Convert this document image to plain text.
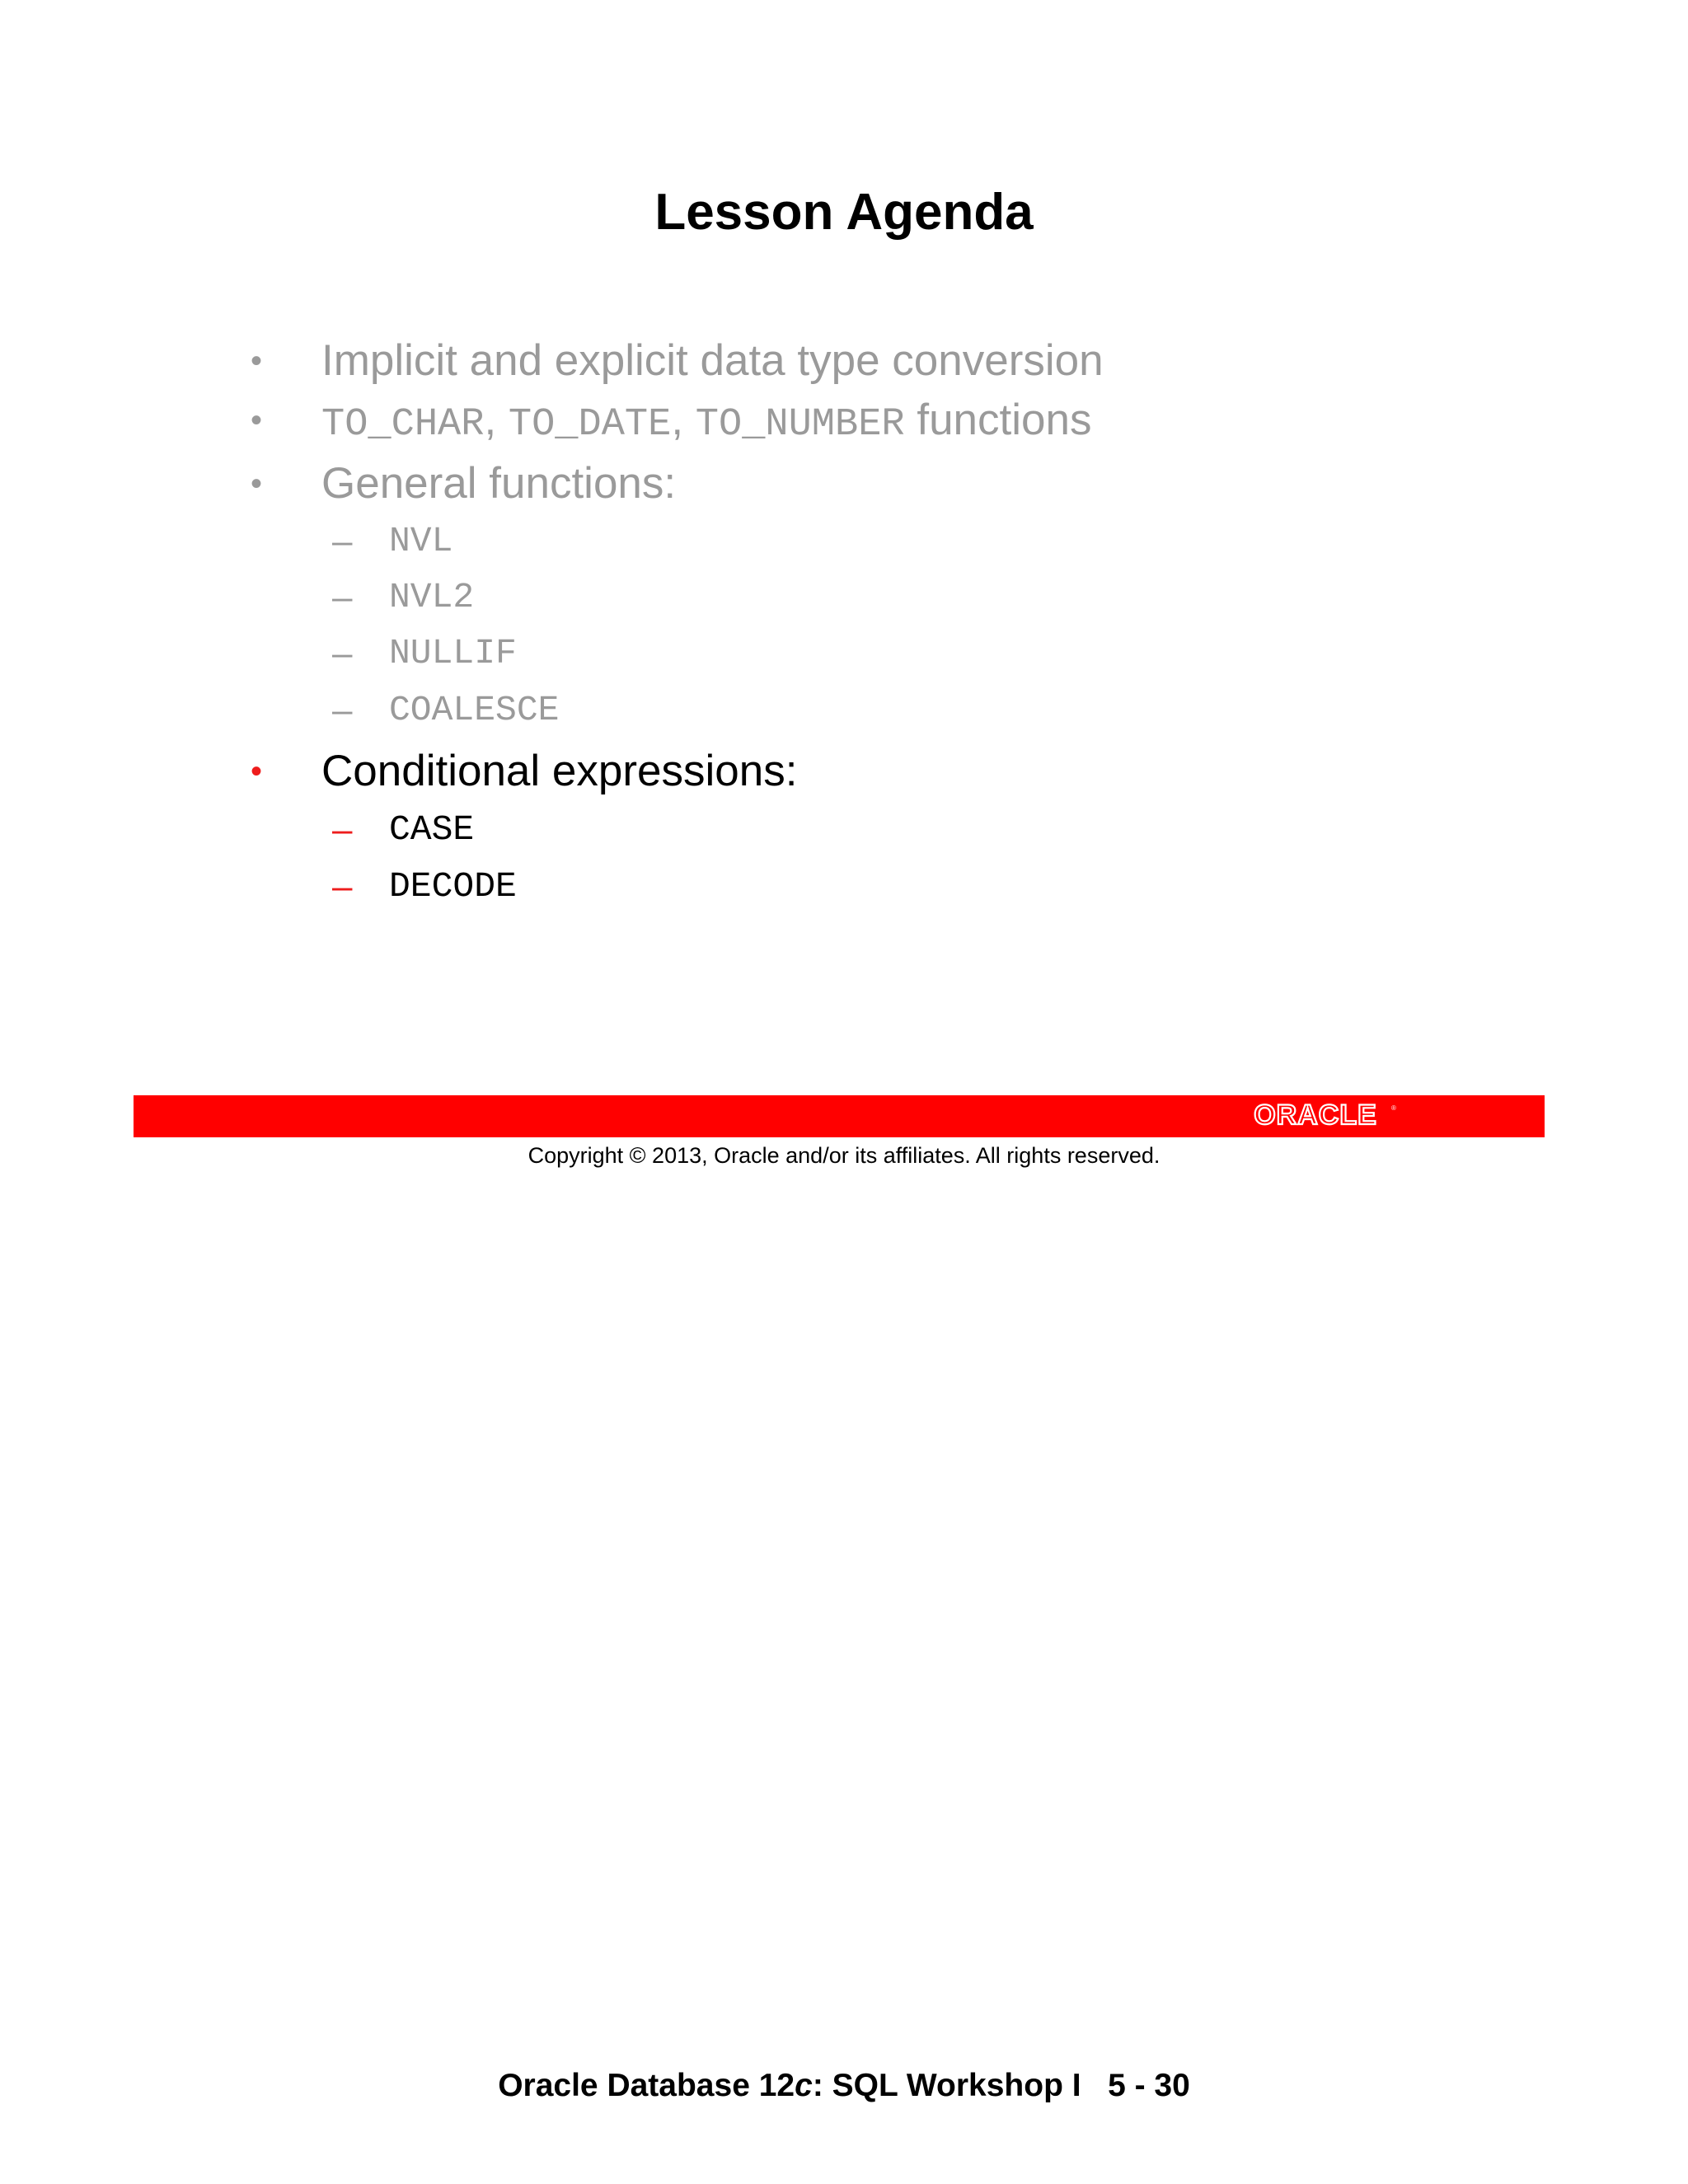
Lesson Agenda
• Implicit and explicit data type conversion
• TO_CHAR, TO_DATE, TO_NUMBER functions
• General functions:
–	NVL
–	NVL2
–	NULLIF
–	COALESCE
• Conditional expressions:
–	CASE
–	DECODE
ORACLE ®
Copyright © 2013, Oracle and/or its affiliates. All rights reserved.
Oracle Database 12c: SQL Workshop I   5 - 30
